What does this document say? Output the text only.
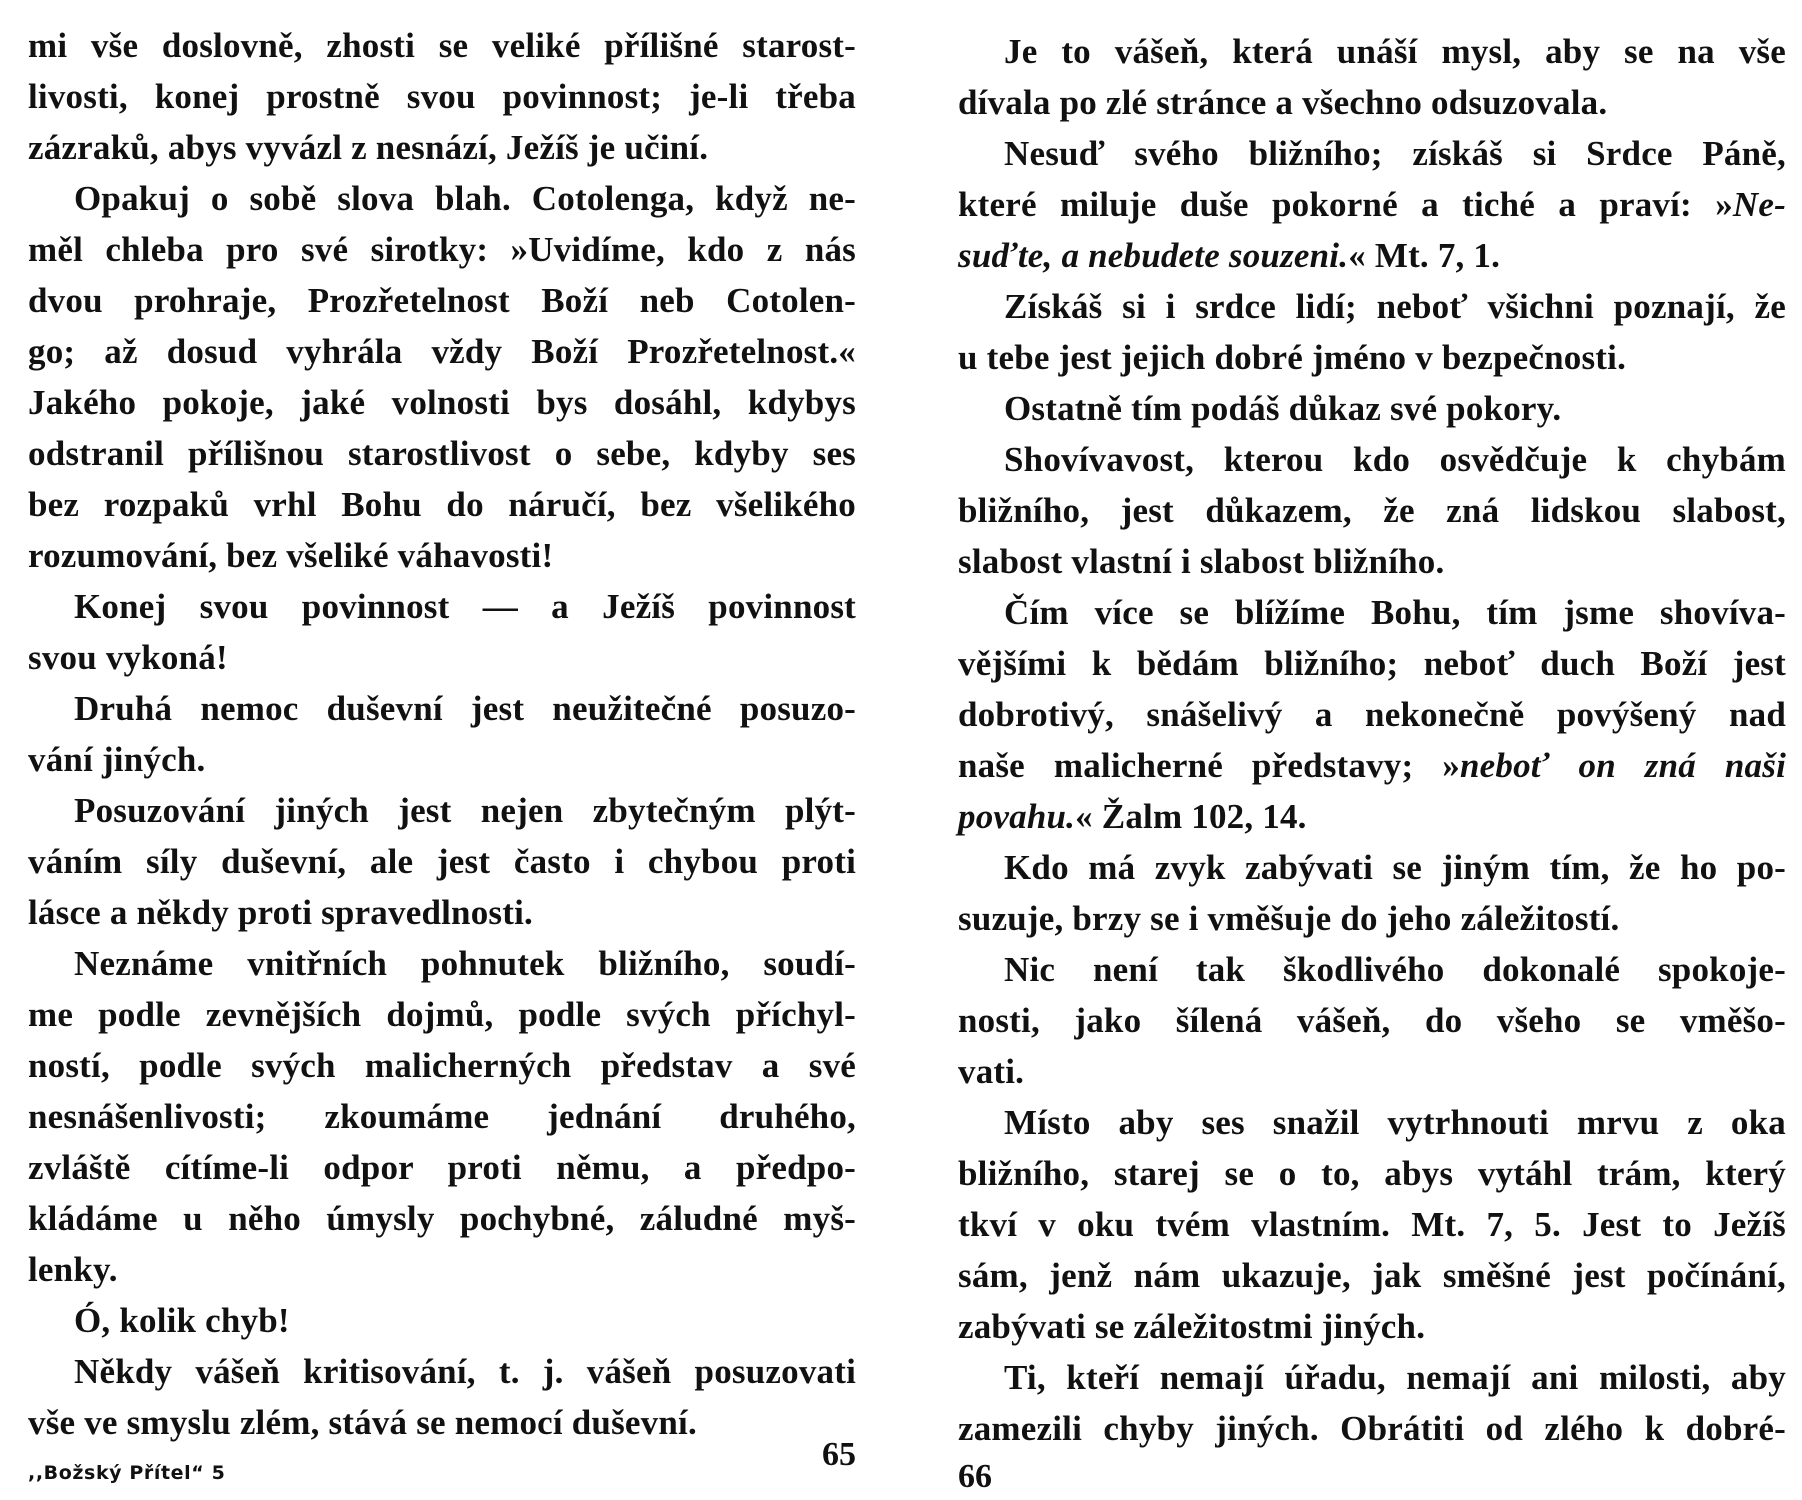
mi vše doslovně, zhosti se veliké přílišné starost-
livosti, konej prostně svou povinnost; je-li třeba
zázraků, abys vyvázl z nesnází, Ježíš je učiní.
Opakuj o sobě slova blah. Cotolenga, když ne-
měl chleba pro své sirotky: »Uvidíme, kdo z nás
dvou prohraje, Prozřetelnost Boží neb Cotolen-
go; až dosud vyhrála vždy Boží Prozřetelnost.«
Jakého pokoje, jaké volnosti bys dosáhl, kdybys
odstranil přílišnou starostlivost o sebe, kdyby ses
bez rozpaků vrhl Bohu do náručí, bez všelikého
rozumování, bez všeliké váhavosti!
Konej svou povinnost — a Ježíš povinnost
svou vykoná!
Druhá nemoc duševní jest neužitečné posuzo-
vání jiných.
Posuzování jiných jest nejen zbytečným plýt-
váním síly duševní, ale jest často i chybou proti
lásce a někdy proti spravedlnosti.
Neznáme vnitřních pohnutek bližního, soudí-
me podle zevnějších dojmů, podle svých příchyl-
ností, podle svých malicherných představ a své
nesnášenlivosti; zkoumáme jednání druhého,
zvláště cítíme-li odpor proti němu, a předpo-
kládáme u něho úmysly pochybné, záludné myš-
lenky.
Ó, kolik chyb!
Někdy vášeň kritisování, t. j. vášeň posuzovati
vše ve smyslu zlém, stává se nemocí duševní.
,,Božský Přítel“ 5	65
Je to vášeň, která unáší mysl, aby se na vše
dívala po zlé stránce a všechno odsuzovala.
Nesuď svého bližního; získáš si Srdce Páně,
které miluje duše pokorné a tiché a praví: »Ne-
suďte, a nebudete souzeni.« Mt. 7, 1.
Získáš si i srdce lidí; neboť všichni poznají, že
u tebe jest jejich dobré jméno v bezpečnosti.
Ostatně tím podáš důkaz své pokory.
Shovívavost, kterou kdo osvědčuje k chybám
bližního, jest důkazem, že zná lidskou slabost,
slabost vlastní i slabost bližního.
Čím více se blížíme Bohu, tím jsme shovíva-
vějšími k bědám bližního; neboť duch Boží jest
dobrotivý, snášelivý a nekonečně povýšený nad
naše malicherné představy; »neboť on zná naši
povahu.« Žalm 102, 14.
Kdo má zvyk zabývati se jiným tím, že ho po-
suzuje, brzy se i vměšuje do jeho záležitostí.
Nic není tak škodlivého dokonalé spokoje-
nosti, jako šílená vášeň, do všeho se vměšo-
vati.
Místo aby ses snažil vytrhnouti mrvu z oka
bližního, starej se o to, abys vytáhl trám, který
tkví v oku tvém vlastním. Mt. 7, 5. Jest to Ježíš
sám, jenž nám ukazuje, jak směšné jest počínání,
zabývati se záležitostmi jiných.
Ti, kteří nemají úřadu, nemají ani milosti, aby
zamezili chyby jiných. Obrátiti od zlého k dobré-
66
